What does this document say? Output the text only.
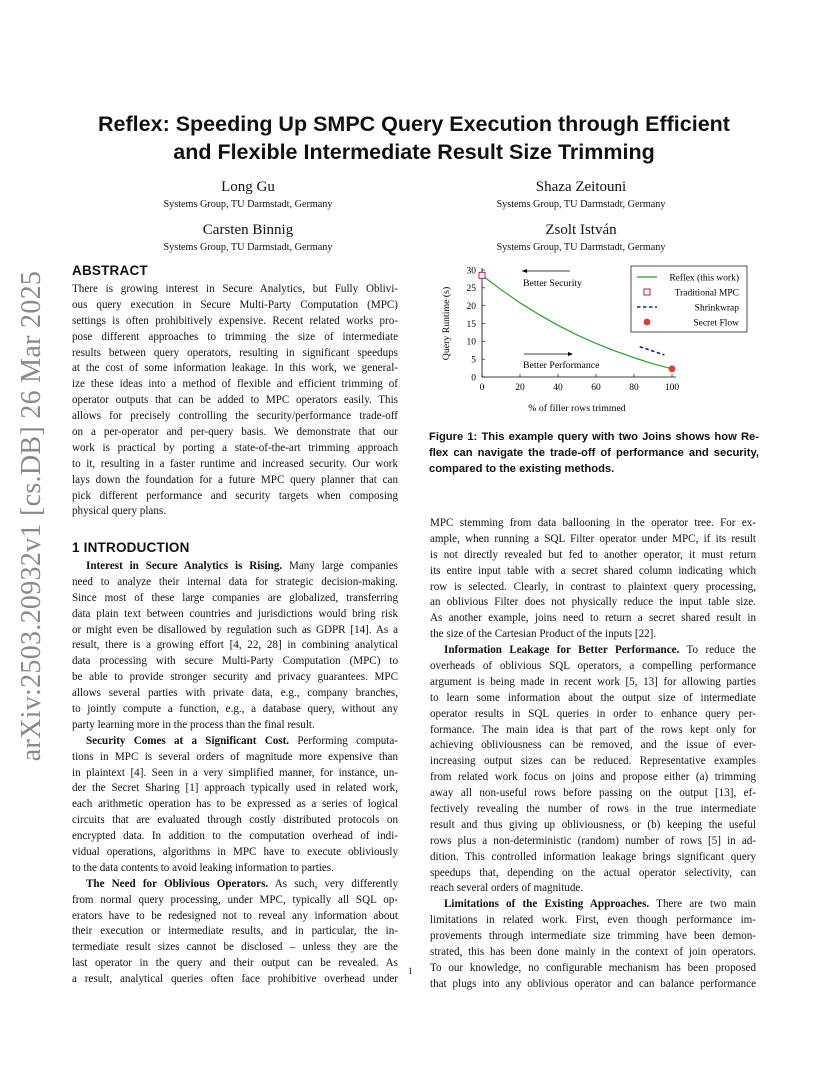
arXiv:2503.20932v1 [cs.DB] 26 Mar 2025
Reflex: Speeding Up SMPC Query Execution through Efficient
and Flexible Intermediate Result Size Trimming
Long Gu
Systems Group, TU Darmstadt, Germany
Shaza Zeitouni
Systems Group, TU Darmstadt, Germany
Carsten Binnig
Systems Group, TU Darmstadt, Germany
Zsolt István
Systems Group, TU Darmstadt, Germany
ABSTRACT
There is growing interest in Secure Analytics, but Fully Oblivi-
ous query execution in Secure Multi-Party Computation (MPC)
settings is often prohibitively expensive. Recent related works pro-
pose different approaches to trimming the size of intermediate
results between query operators, resulting in significant speedups
at the cost of some information leakage. In this work, we general-
ize these ideas into a method of flexible and efficient trimming of
operator outputs that can be added to MPC operators easily. This
allows for precisely controlling the security/performance trade-off
on a per-operator and per-query basis. We demonstrate that our
work is practical by porting a state-of-the-art trimming approach
to it, resulting in a faster runtime and increased security. Our work
lays down the foundation for a future MPC query planner that can
pick different performance and security targets when composing
physical query plans.
1 INTRODUCTION
Interest in Secure Analytics is Rising. Many large companies
need to analyze their internal data for strategic decision-making.
Since most of these large companies are globalized, transferring
data plain text between countries and jurisdictions would bring risk
or might even be disallowed by regulation such as GDPR [14]. As a
result, there is a growing effort [4, 22, 28] in combining analytical
data processing with secure Multi-Party Computation (MPC) to
be able to provide stronger security and privacy guarantees. MPC
allows several parties with private data, e.g., company branches,
to jointly compute a function, e.g., a database query, without any
party learning more in the process than the final result.
Security Comes at a Significant Cost. Performing computa-
tions in MPC is several orders of magnitude more expensive than
in plaintext [4]. Seen in a very simplified manner, for instance, un-
der the Secret Sharing [1] approach typically used in related work,
each arithmetic operation has to be expressed as a series of logical
circuits that are evaluated through costly distributed protocols on
encrypted data. In addition to the computation overhead of indi-
vidual operations, algorithms in MPC have to execute obliviously
to the data contents to avoid leaking information to parties.
The Need for Oblivious Operators. As such, very differently
from normal query processing, under MPC, typically all SQL op-
erators have to be redesigned not to reveal any information about
their execution or intermediate results, and in particular, the in-
termediate result sizes cannot be disclosed – unless they are the
last operator in the query and their output can be revealed. As
a result, analytical queries often face prohibitive overhead under
MPC stemming from data ballooning in the operator tree. For ex-
ample, when running a SQL Filter operator under MPC, if its result
is not directly revealed but fed to another operator, it must return
its entire input table with a secret shared column indicating which
row is selected. Clearly, in contrast to plaintext query processing,
an oblivious Filter does not physically reduce the input table size.
As another example, joins need to return a secret shared result in
the size of the Cartesian Product of the inputs [22].
Information Leakage for Better Performance. To reduce the
overheads of oblivious SQL operators, a compelling performance
argument is being made in recent work [5, 13] for allowing parties
to learn some information about the output size of intermediate
operator results in SQL queries in order to enhance query per-
formance. The main idea is that part of the rows kept only for
achieving obliviousness can be removed, and the issue of ever-
increasing output sizes can be reduced. Representative examples
from related work focus on joins and propose either (a) trimming
away all non-useful rows before passing on the output [13], ef-
fectively revealing the number of rows in the true intermediate
result and thus giving up obliviousness, or (b) keeping the useful
rows plus a non-deterministic (random) number of rows [5] in ad-
dition. This controlled information leakage brings significant query
speedups that, depending on the actual operator selectivity, can
reach several orders of magnitude.
Limitations of the Existing Approaches. There are two main
limitations in related work. First, even though performance im-
provements through intermediate size trimming have been demon-
strated, this has been done mainly in the context of join operators.
To our knowledge, no configurable mechanism has been proposed
that plugs into any oblivious operator and can balance performance
0	20	40	60	80	100
0
5
10
15
20
25
30
% of filler rows trimmed
Query Runtime (s)
Better Security
Better Performance
Reflex (this work)
Traditional MPC
Shrinkwrap
Secret Flow
Figure 1: This example query with two Joins shows how Re-
flex can navigate the trade-off of performance and security,
compared to the existing methods.
1
